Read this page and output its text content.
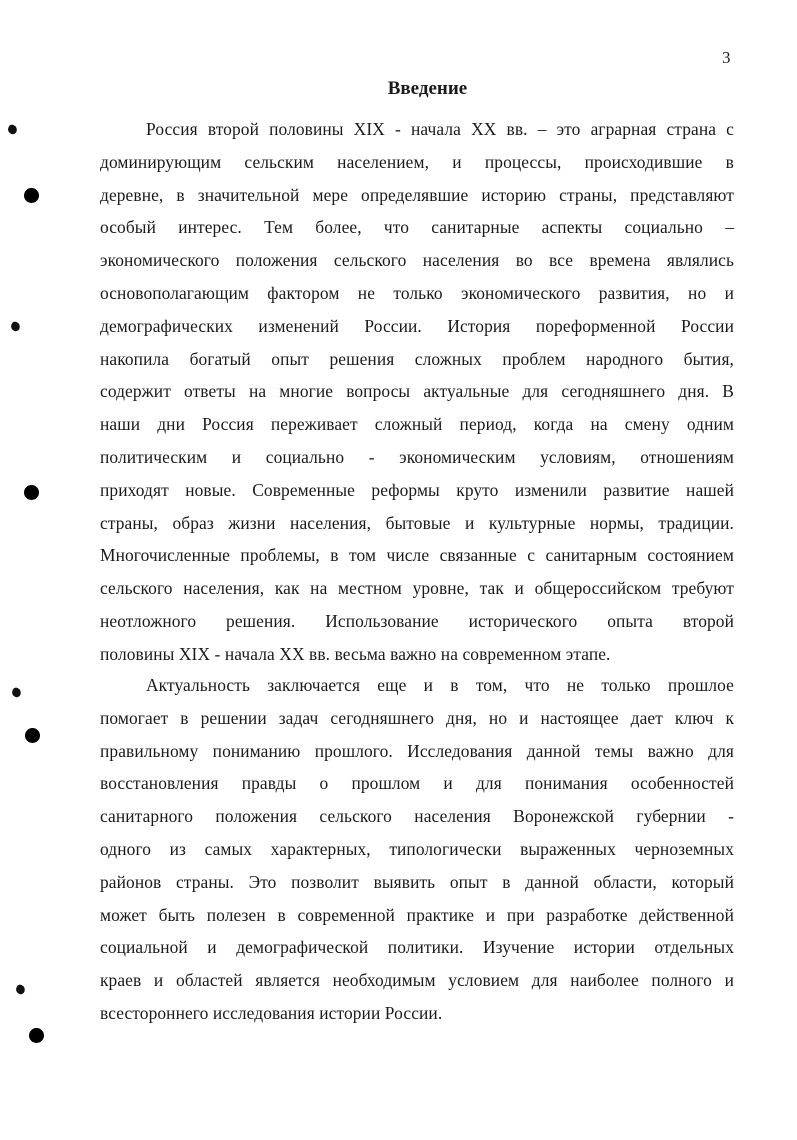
3
Введение
Россия второй половины XIX - начала XX вв. – это аграрная страна с
доминирующим сельским населением, и процессы, происходившие в
деревне, в значительной мере определявшие историю страны, представляют
особый интерес. Тем более, что санитарные аспекты социально –
экономического положения сельского населения во все времена являлись
основополагающим фактором не только экономического развития, но и
демографических изменений России. История пореформенной России
накопила богатый опыт решения сложных проблем народного бытия,
содержит ответы на многие вопросы актуальные для сегодняшнего дня. В
наши дни Россия переживает сложный период, когда на смену одним
политическим и социально - экономическим условиям, отношениям
приходят новые. Современные реформы круто изменили развитие нашей
страны, образ жизни населения, бытовые и культурные нормы, традиции.
Многочисленные проблемы, в том числе связанные с санитарным состоянием
сельского населения, как на местном уровне, так и общероссийском требуют
неотложного решения. Использование исторического опыта второй
половины XIX - начала XX вв. весьма важно на современном этапе.
Актуальность заключается еще и в том, что не только прошлое
помогает в решении задач сегодняшнего дня, но и настоящее дает ключ к
правильному пониманию прошлого. Исследования данной темы важно для
восстановления правды о прошлом и для понимания особенностей
санитарного положения сельского населения Воронежской губернии -
одного из самых характерных, типологически выраженных черноземных
районов страны. Это позволит выявить опыт в данной области, который
может быть полезен в современной практике и при разработке действенной
социальной и демографической политики. Изучение истории отдельных
краев и областей является необходимым условием для наиболее полного и
всестороннего исследования истории России.
